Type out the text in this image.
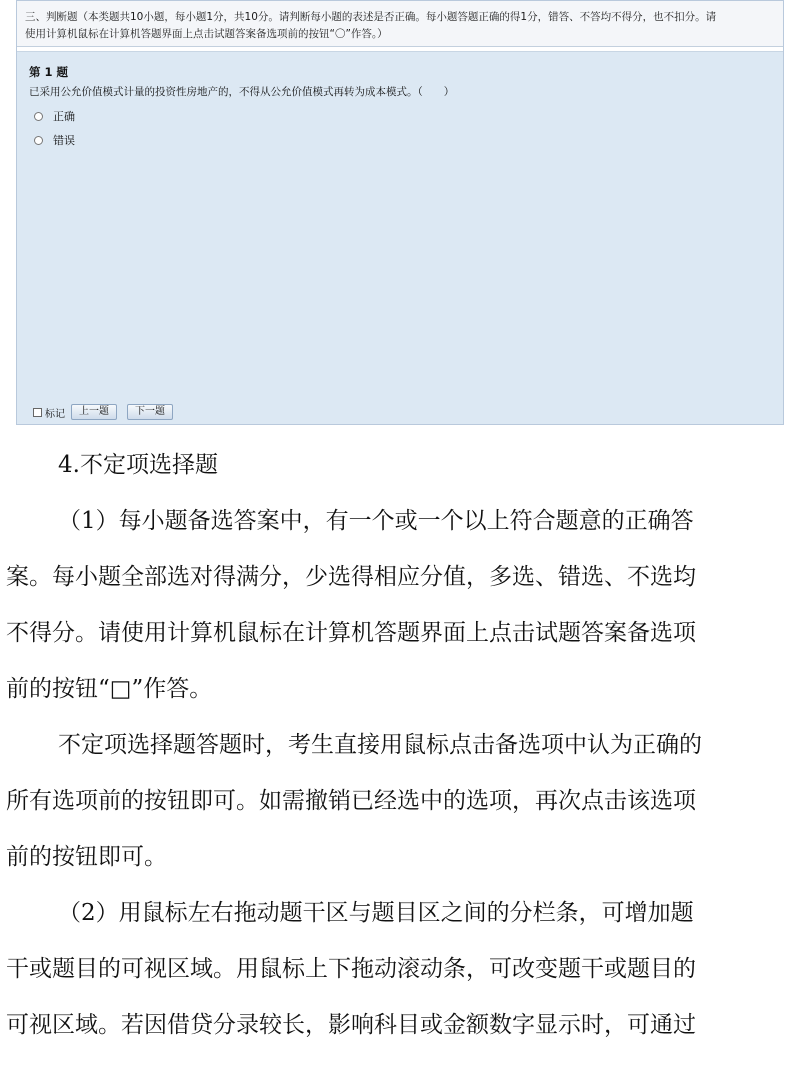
三、判断题（本类题共10小题，每小题1分，共10分。请判断每小题的表述是否正确。每小题答题正确的得1分，错答、不答均不得分，也不扣分。请
使用计算机鼠标在计算机答题界面上点击试题答案备选项前的按钮“〇”作答。）
第 1 题
已采用公允价值模式计量的投资性房地产的，不得从公允价值模式再转为成本模式。（　　）
正确
错误
标记	上一题	下一题
4.不定项选择题
（1）每小题备选答案中，有一个或一个以上符合题意的正确答
案。每小题全部选对得满分，少选得相应分值，多选、错选、不选均
不得分。请使用计算机鼠标在计算机答题界面上点击试题答案备选项
前的按钮“□”作答。
不定项选择题答题时，考生直接用鼠标点击备选项中认为正确的
所有选项前的按钮即可。如需撤销已经选中的选项，再次点击该选项
前的按钮即可。
（2）用鼠标左右拖动题干区与题目区之间的分栏条，可增加题
干或题目的可视区域。用鼠标上下拖动滚动条，可改变题干或题目的
可视区域。若因借贷分录较长，影响科目或金额数字显示时，可通过
